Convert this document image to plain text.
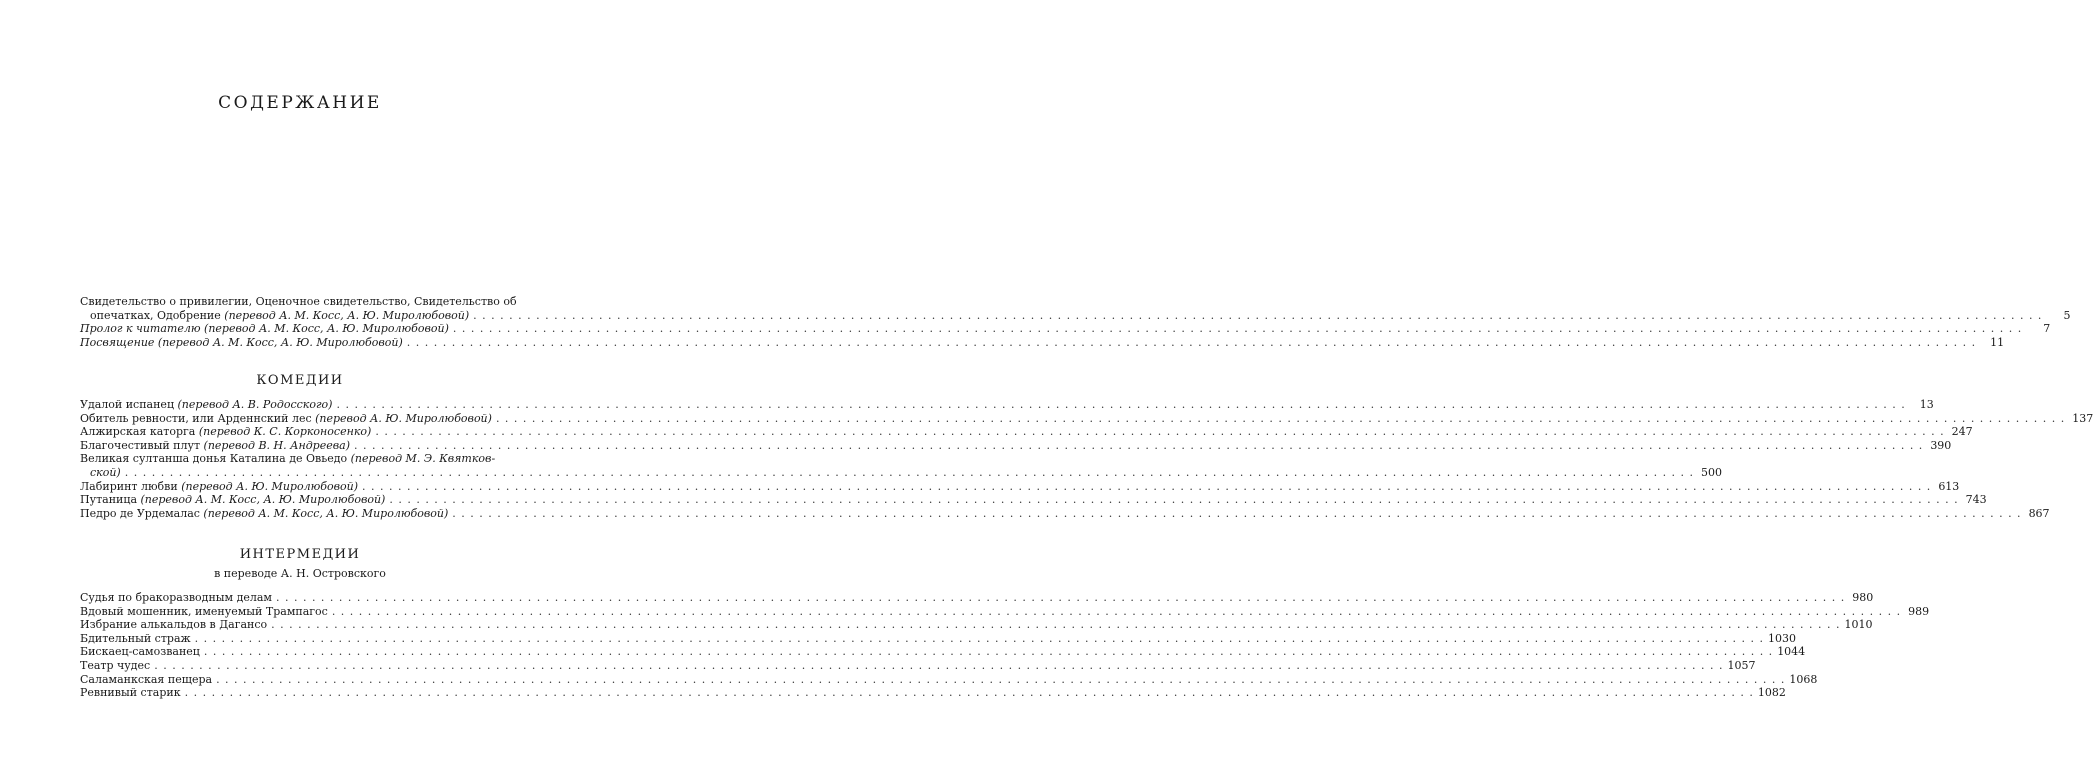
СОДЕРЖАНИЕ
Свидетельство о привилегии, Оценочное свидетельство, Свидетельство об
опечатках, Одобрение (перевод А. М. Косс, А. Ю. Миролюбовой) . . .	5
Пролог к читателю (перевод А. М. Косс, А. Ю. Миролюбовой) . . .	7
Посвящение (перевод А. М. Косс, А. Ю. Миролюбовой) . . .	11
КОМЕДИИ
Удалой испанец (перевод А. В. Родосского) . . .	13
Обитель ревности, или Арденнский лес (перевод А. Ю. Миролюбовой) . . .	137
Алжирская каторга (перевод К. С. Корконосенко) . . .	247
Благочестивый плут (перевод В. Н. Андреева) . . .	390
Великая султанша донья Каталина де Овьедо (перевод М. Э. Квятков-
ской) . . .	500
Лабиринт любви (перевод А. Ю. Миролюбовой) . . .	613
Путаница (перевод А. М. Косс, А. Ю. Миролюбовой) . . .	743
Педро де Урдемалас (перевод А. М. Косс, А. Ю. Миролюбовой) . . .	867
ИНТЕРМЕДИИ
в переводе А. Н. Островского
Судья по бракоразводным делам . . .	980
Вдовый мошенник, именуемый Трампагос . . .	989
Избрание алькальдов в Дагансо . . .	1010
Бдительный страж . . .	1030
Бискаец-самозванец . . .	1044
Театр чудес . . .	1057
Саламанкская пещера . . .	1068
Ревнивый старик . . .	1082
